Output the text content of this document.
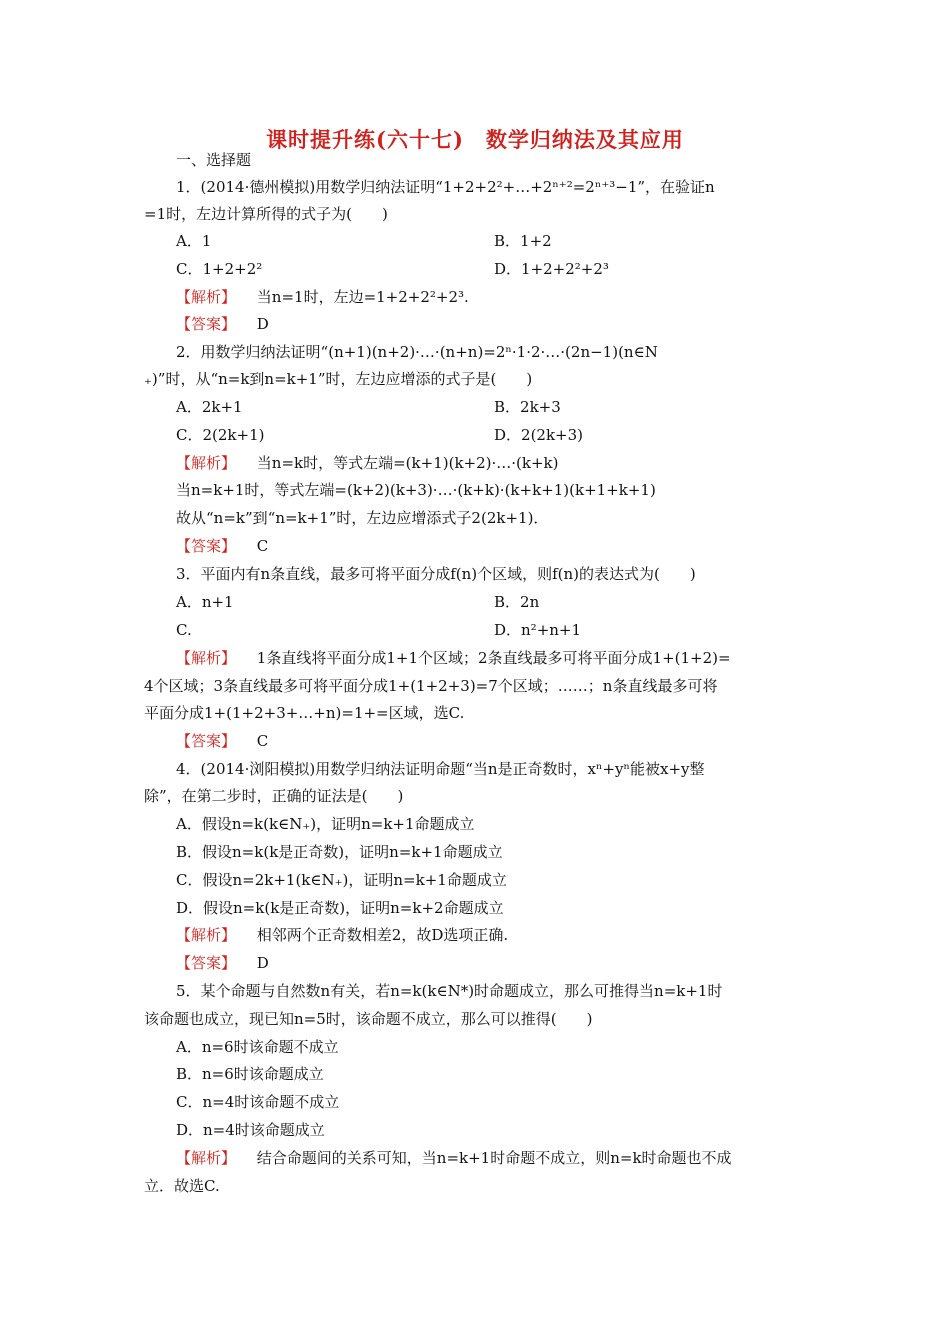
课时提升练(六十七)　数学归纳法及其应用
一、选择题
1．(2014·德州模拟)用数学归纳法证明“1+2+2²+…+2ⁿ⁺²=2ⁿ⁺³−1”，在验证n
=1时，左边计算所得的式子为(　　)
A．1	B．1+2
C．1+2+2²	D．1+2+2²+2³
【解析】 当n=1时，左边=1+2+2²+2³.
【答案】 D
2．用数学归纳法证明“(n+1)(n+2)·…·(n+n)=2ⁿ·1·2·…·(2n−1)(n∈N
₊)”时，从“n=k到n=k+1”时，左边应增添的式子是(　　)
A．2k+1	B．2k+3
C．2(2k+1)	D．2(2k+3)
【解析】 当n=k时，等式左端=(k+1)(k+2)·…·(k+k)
当n=k+1时，等式左端=(k+2)(k+3)·…·(k+k)·(k+k+1)(k+1+k+1)
故从“n=k”到“n=k+1”时，左边应增添式子2(2k+1)．
【答案】 C
3．平面内有n条直线，最多可将平面分成f(n)个区域，则f(n)的表达式为(　　)
A．n+1	B．2n
C.	D．n²+n+1
【解析】 1条直线将平面分成1+1个区域；2条直线最多可将平面分成1+(1+2)=
4个区域；3条直线最多可将平面分成1+(1+2+3)=7个区域；……；n条直线最多可将
平面分成1+(1+2+3+…+n)=1+=区域，选C.
【答案】 C
4．(2014·浏阳模拟)用数学归纳法证明命题“当n是正奇数时，xⁿ+yⁿ能被x+y整
除”，在第二步时，正确的证法是(　　)
A．假设n=k(k∈N₊)，证明n=k+1命题成立
B．假设n=k(k是正奇数)，证明n=k+1命题成立
C．假设n=2k+1(k∈N₊)，证明n=k+1命题成立
D．假设n=k(k是正奇数)，证明n=k+2命题成立
【解析】 相邻两个正奇数相差2，故D选项正确.
【答案】 D
5．某个命题与自然数n有关，若n=k(k∈N*)时命题成立，那么可推得当n=k+1时
该命题也成立，现已知n=5时，该命题不成立，那么可以推得(　　)
A．n=6时该命题不成立
B．n=6时该命题成立
C．n=4时该命题不成立
D．n=4时该命题成立
【解析】 结合命题间的关系可知，当n=k+1时命题不成立，则n=k时命题也不成
立．故选C.
